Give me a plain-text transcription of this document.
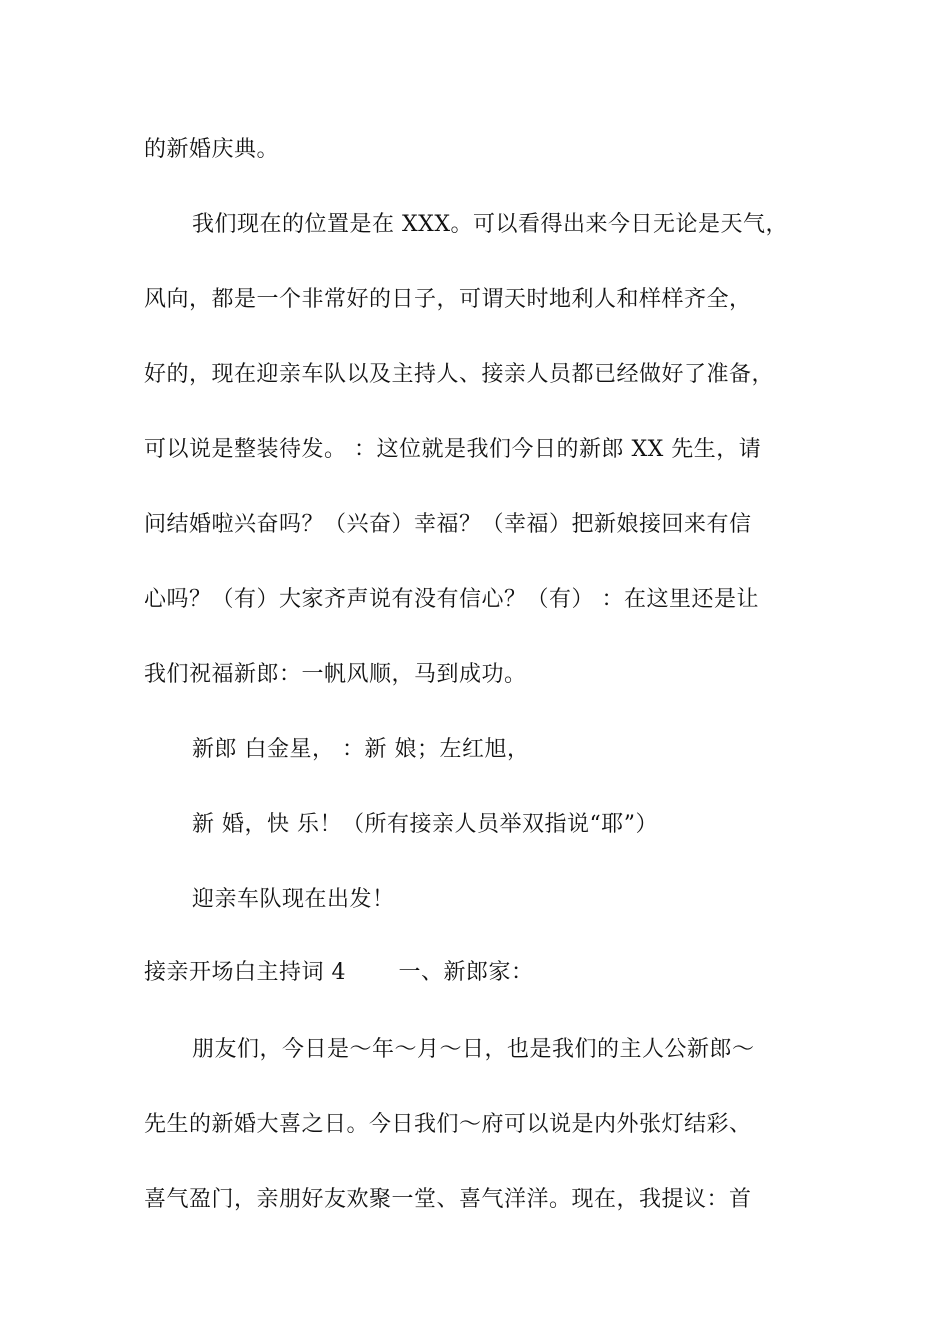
的新婚庆典。
我们现在的位置是在 XXX。可以看得出来今日无论是天气，
风向，都是一个非常好的日子，可谓天时地利人和样样齐全，
好的，现在迎亲车队以及主持人、接亲人员都已经做好了准备，
可以说是整装待发。 ：这位就是我们今日的新郎 XX 先生，请
问结婚啦兴奋吗？（兴奋）幸福？（幸福）把新娘接回来有信
心吗？（有）大家齐声说有没有信心？（有） ：在这里还是让
我们祝福新郎：一帆风顺，马到成功。
新郎 白金星， ：新 娘；左红旭，
新 婚，快 乐！（所有接亲人员举双指说“耶”）
迎亲车队现在出发！
接亲开场白主持词 4 　　一、新郎家：
朋友们，今日是～年～月～日，也是我们的主人公新郎～
先生的新婚大喜之日。今日我们～府可以说是内外张灯结彩、
喜气盈门，亲朋好友欢聚一堂、喜气洋洋。现在，我提议：首
